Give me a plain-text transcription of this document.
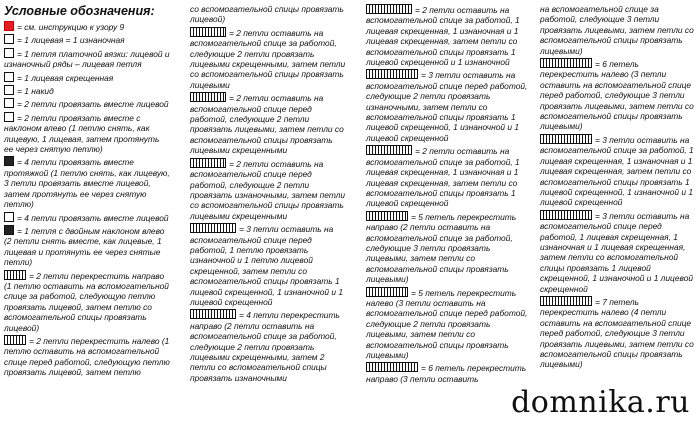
Условные обозначения:

= см. инструкцию к узору 9

= 1 лицевая = 1 изнаночная

= 1 петля платочной вязки: лицевой и изнаночный ряды – лицевая петля

= 1 лицевая скрещенная

= 1 накид

= 2 петли провязать вместе лицевой

= 2 петли провязать вместе с наклоном влево (1 петлю снять, как лицевую, 1 лицевая, затем протянуть ее через снятую петлю)

= 4 петли провязать вместе протяжкой (1 петлю снять, как лицевую, 3 петли провязать вместе лицевой, затем протянуть ее через снятую петлю)

= 4 петли провязать вместе лицевой

= 1 петля с двойным наклоном влево (2 петли снять вместе, как лицевые, 1 лицевая и протянуть ее через снятые петли)

= 2 петли перекрестить направо (1 петлю оставить на вспомогательной спице за работой, следующую петлю провязать лицевой, затем петлю со вспомогательной спицы провязать лицевой)

= 2 петли перекрестить налево (1 петлю оставить на вспомогательной спице перед работой, следующую петлю провязать лицевой, затем петлю

со вспомогательной спицы провязать лицевой)

= 2 петли оставить на вспомогательной спице за работой, следующие 2 петли провязать лицевыми скрещенными, затем петли со вспомогательной спицы провязать лицевыми

= 2 петли оставить на вспомогательной спице перед работой, следующие 2 петли провязать лицевыми, затем петли со вспомогательной спицы провязать лицевыми скрещенными

= 2 петли оставить на вспомогательной спице перед работой, следующие 2 петли провязать изнаночными, затем петли со вспомогательной спицы провязать лицевыми скрещенными

= 3 петли оставить на вспомогательной спице перед работой, 1 петлю провязать изнаночной и 1 петлю лицевой скрещенной, затем петли со вспомогательной спицы провязать 1 лицевой скрещенной, 1 изнаночной и 1 лицевой скрещенной

= 4 петли перекрестить направо (2 петли оставить на вспомогательной спице за работой, следующие 2 петли провязать лицевыми скрещенными, затем 2 петли со вспомогательной спицы провязать изнаночными

= 2 петли оставить на вспомогательной спице за работой, 1 лицевая скрещенная, 1 изнаночная и 1 лицевая скрещенная, затем петли со вспомогательной спицы провязать 1 лицевой скрещенной и 1 изнаночной

= 3 петли оставить на вспомогательной спице перед работой, следующие 2 петли провязать изнаночными, затем петли со вспомогательной спицы провязать 1 лицевой скрещенной, 1 изнаночной и 1 лицевой скрещенной

= 2 петли оставить на вспомогательной спице за работой, 1 лицевая скрещенная, 1 изнаночная и 1 лицевая скрещенная, затем петли со вспомогательной спицы провязать 1 лицевой скрещенной

= 5 петель перекрестить направо (2 петли оставить на вспомогательной спице за работой, следующие 3 петли провязать лицевыми, затем петли со вспомогательной спицы провязать лицевыми)

= 5 петель перекрестить налево (3 петли оставить на вспомогательной спице перед работой, следующие 2 петли провязать лицевыми, затем петли со вспомогательной спицы провязать лицевыми)

= 6 петель перекрестить направо (3 петли оставить

на вспомогательной спице за работой, следующие 3 петли провязать лицевыми, затем петли со вспомогательной спицы провязать лицевыми)

= 6 петель перекрестить налево (3 петли оставить на вспомогательной спице перед работой, следующие 3 петли провязать лицевыми, затем петли со вспомогательной спицы провязать лицевыми)

= 3 петли оставить на вспомогательной спице за работой, 1 лицевая скрещенная, 1 изнаночная и 1 лицевая скрещенная, затем петли со вспомогательной спицы провязать 1 лицевой скрещенной, 1 изнаночной и 1 лицевой скрещенной

= 3 петли оставить на вспомогательной спице перед работой, 1 лицевая скрещенная, 1 изнаночная и 1 лицевая скрещенная, затем петли со вспомогательной спицы провязать 1 лицевой скрещенной, 1 изнаночной и 1 лицевой скрещенной

= 7 петель перекрестить налево (4 петли оставить на вспомогательной спице перед работой, следующие 3 петли провязать лицевыми, затем петли со вспомогательной спицы провязать лицевыми)

domnika.ru
